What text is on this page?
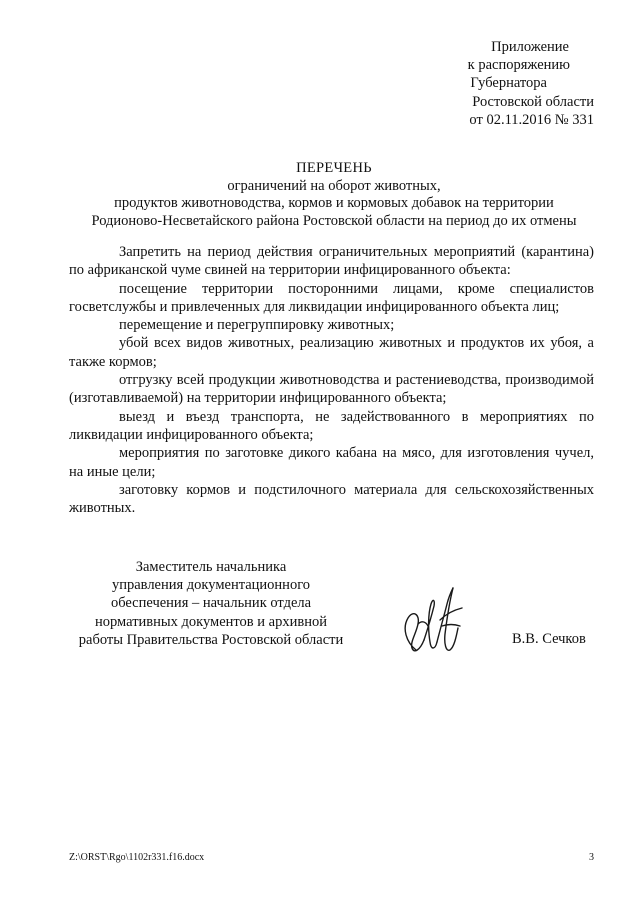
Приложение
к распоряжению
Губернатора
Ростовской области
от 02.11.2016 № 331
ПЕРЕЧЕНЬ
ограничений на оборот животных,
продуктов животноводства, кормов и кормовых добавок на территории
Родионово-Несветайского района Ростовской области на период до их отмены

Запретить на период действия ограничительных мероприятий (карантина) по африканской чуме свиней на территории инфицированного объекта:

посещение территории посторонними лицами, кроме специалистов госветслужбы и привлеченных для ликвидации инфицированного объекта лиц;

перемещение и перегруппировку животных;

убой всех видов животных, реализацию животных и продуктов их убоя, а также кормов;

отгрузку всей продукции животноводства и растениеводства, производимой (изготавливаемой) на территории инфицированного объекта;

выезд и въезд транспорта, не задействованного в мероприятиях по ликвидации инфицированного объекта;

мероприятия по заготовке дикого кабана на мясо, для изготовления чучел, на иные цели;

заготовку кормов и подстилочного материала для сельскохозяйственных животных.

Заместитель начальника
управления документационного
обеспечения – начальник отдела
нормативных документов и архивной
работы Правительства Ростовской области	В.В. Сечков
Z:\ORST\Rgo\1102r331.f16.docx	3
